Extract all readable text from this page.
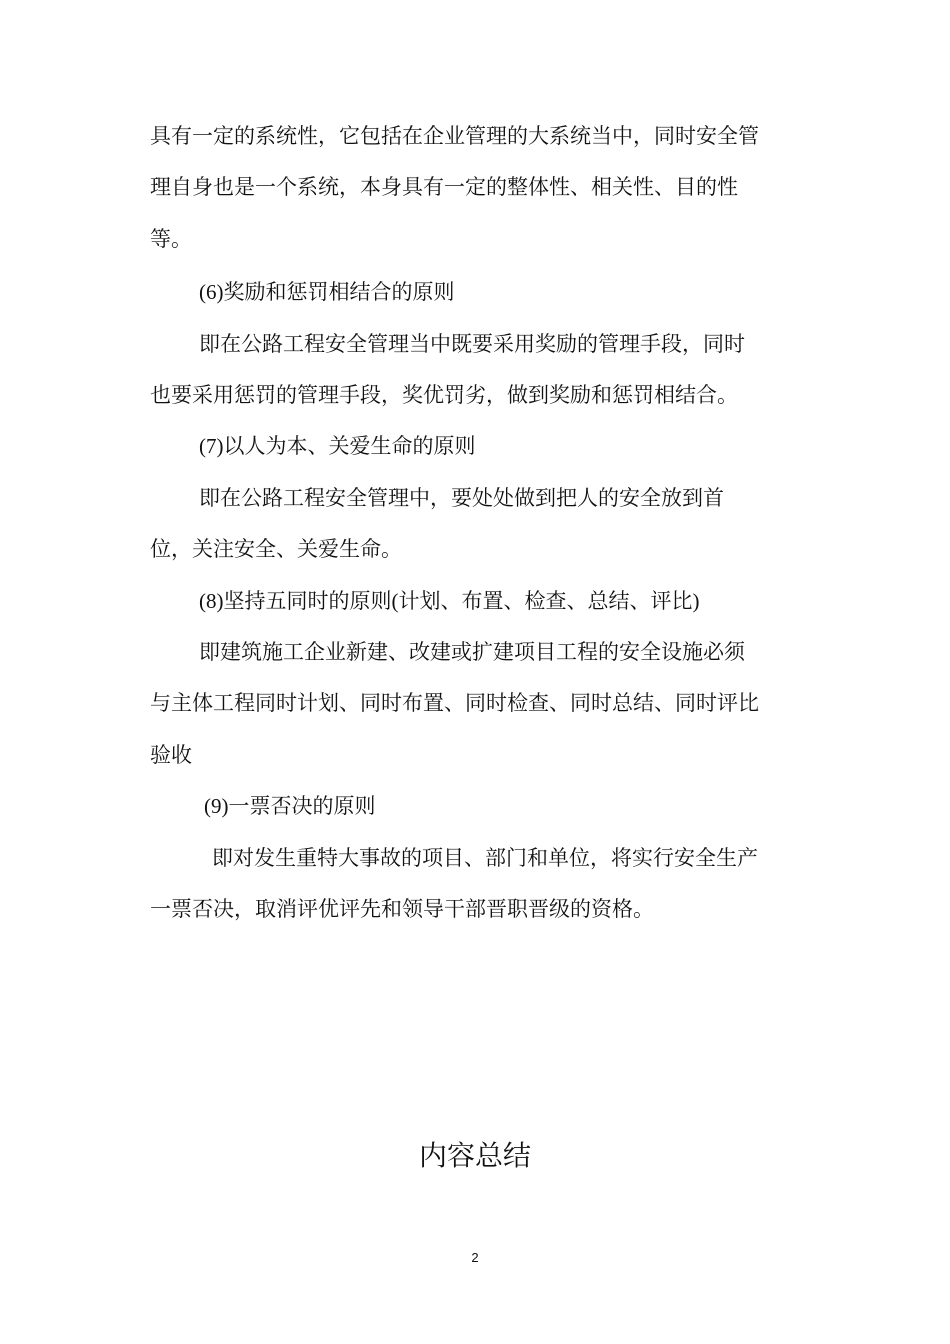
具有一定的系统性，它包括在企业管理的大系统当中，同时安全管
理自身也是一个系统，本身具有一定的整体性、相关性、目的性
等。
(6)奖励和惩罚相结合的原则
即在公路工程安全管理当中既要采用奖励的管理手段，同时
也要采用惩罚的管理手段，奖优罚劣，做到奖励和惩罚相结合。
(7)以人为本、关爱生命的原则
即在公路工程安全管理中，要处处做到把人的安全放到首
位，关注安全、关爱生命。
(8)坚持五同时的原则(计划、布置、检查、总结、评比)
即建筑施工企业新建、改建或扩建项目工程的安全设施必须
与主体工程同时计划、同时布置、同时检查、同时总结、同时评比
验收
(9)一票否决的原则
即对发生重特大事故的项目、部门和单位，将实行安全生产
一票否决，取消评优评先和领导干部晋职晋级的资格。
内容总结
2
